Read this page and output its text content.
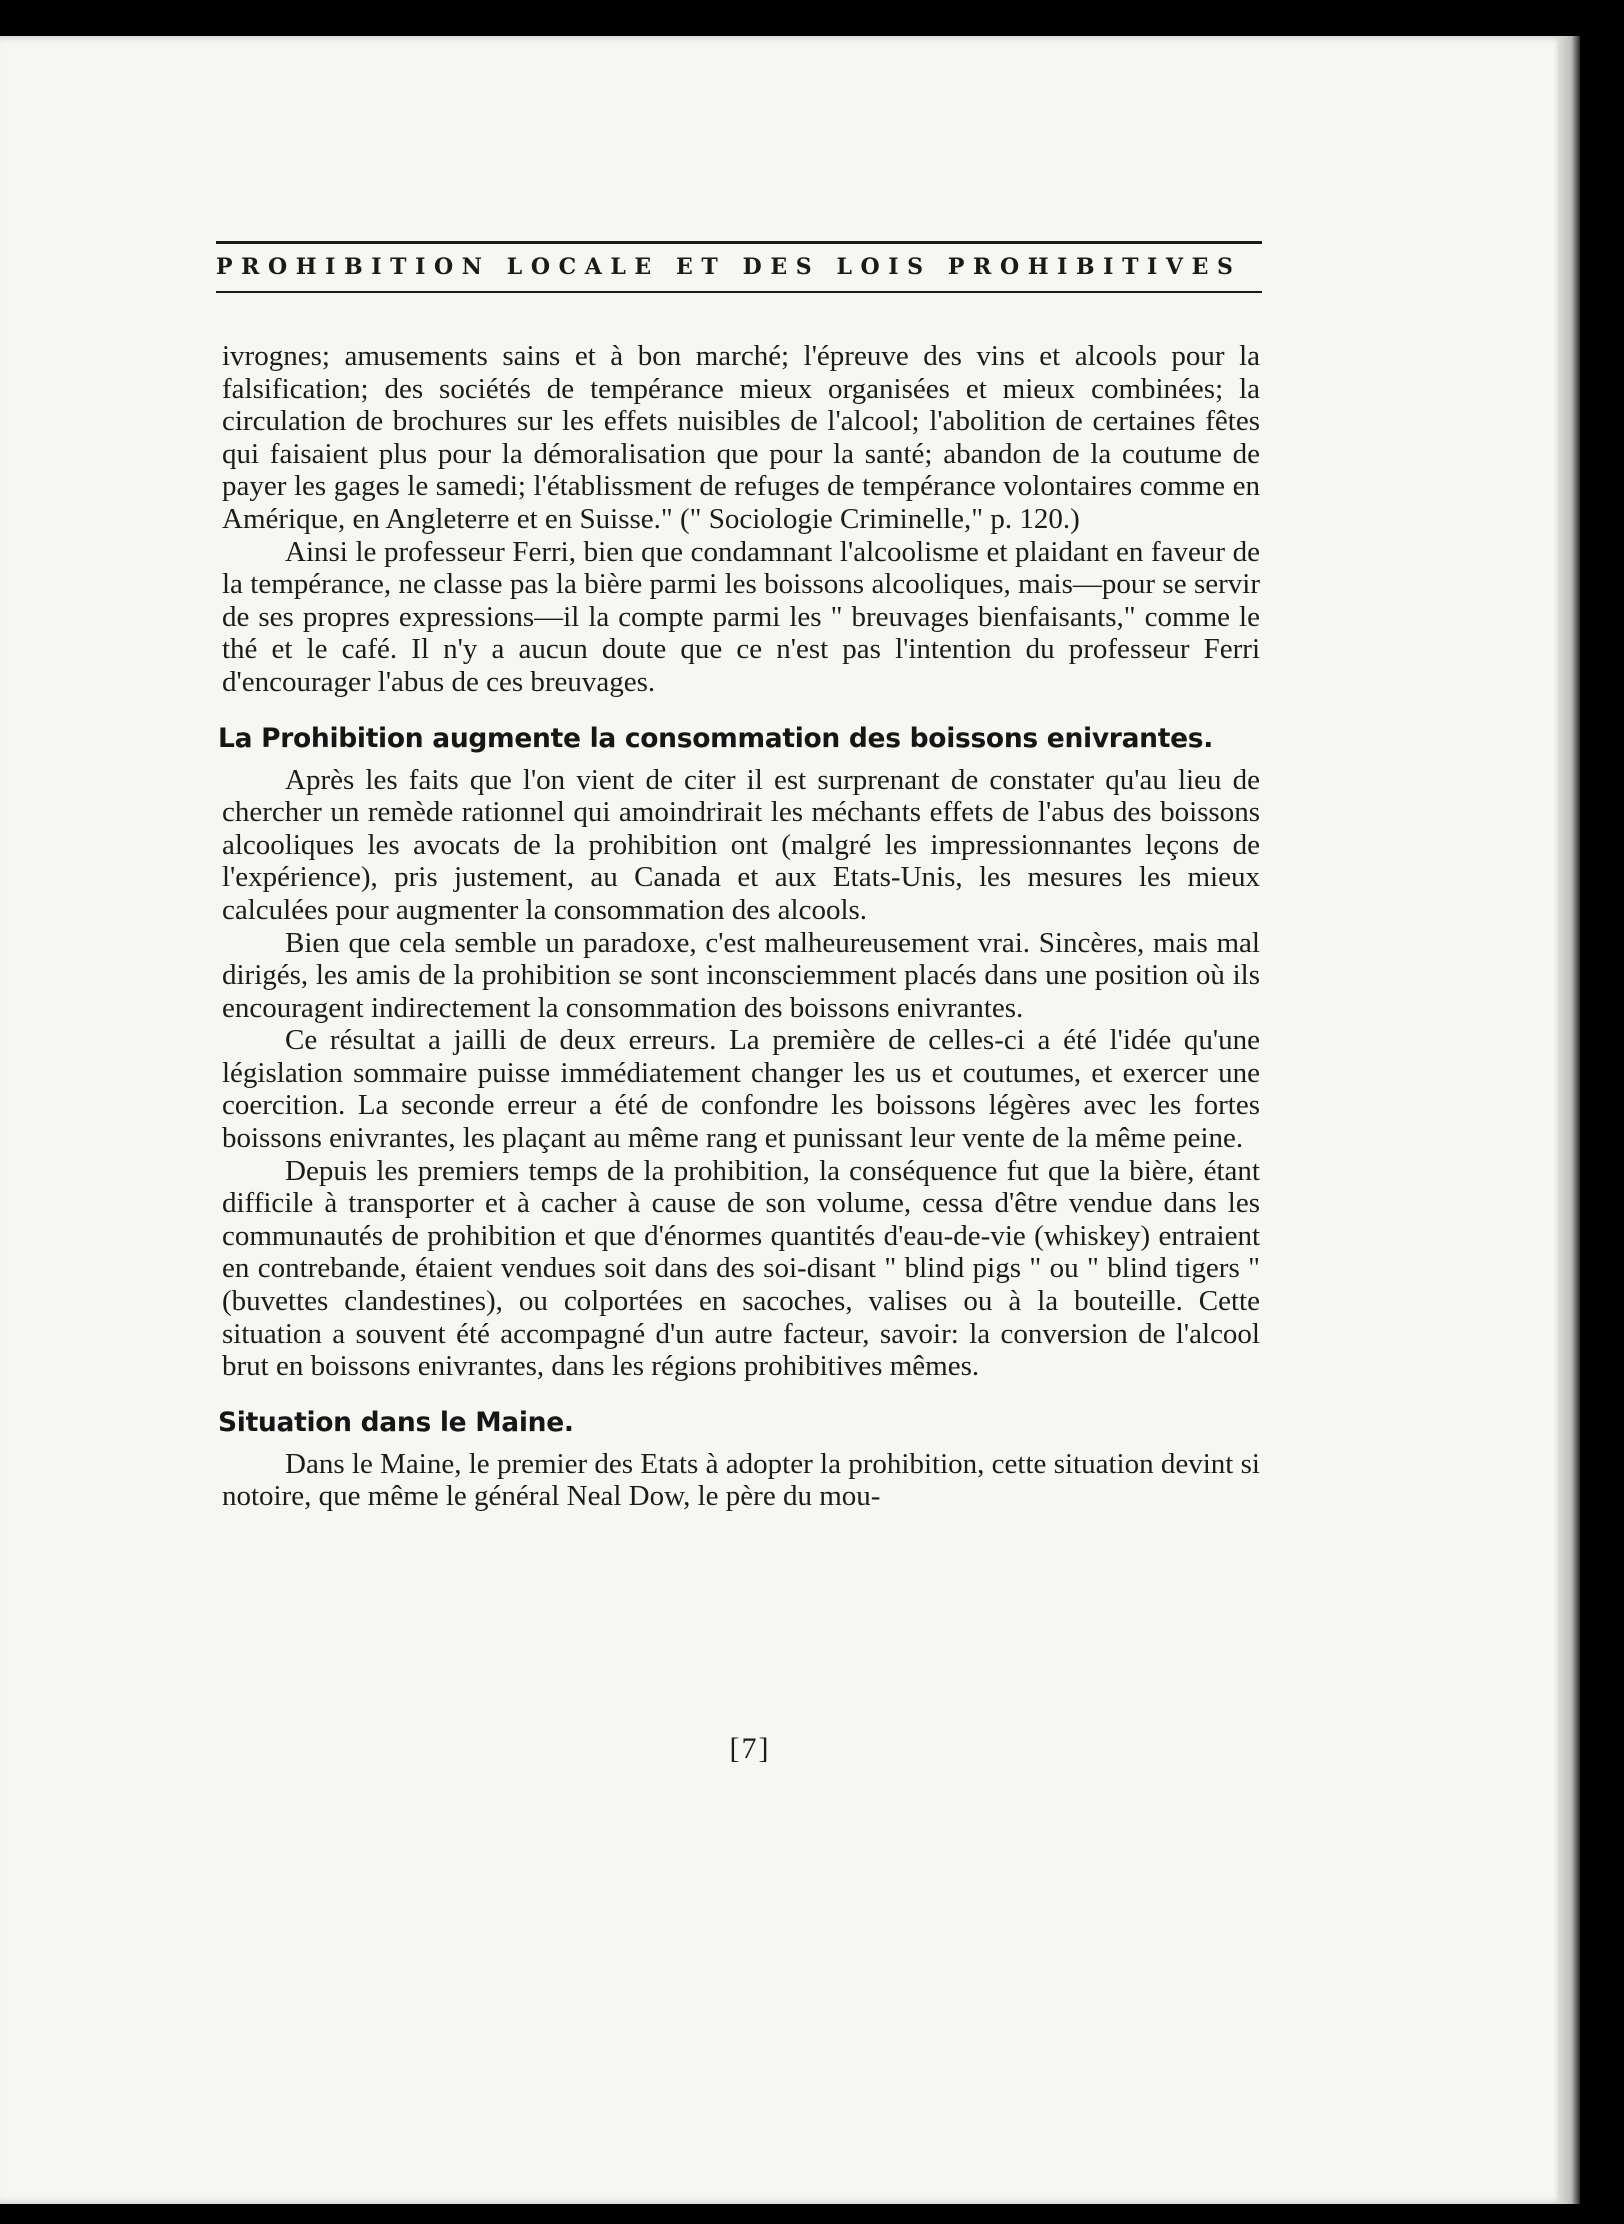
PROHIBITION LOCALE ET DES LOIS PROHIBITIVES

ivrognes; amusements sains et à bon marché; l'épreuve des vins et alcools pour la falsification; des sociétés de tempérance mieux organisées et mieux combinées; la circulation de brochures sur les effets nuisibles de l'alcool; l'abolition de certaines fêtes qui faisaient plus pour la démoralisation que pour la santé; abandon de la coutume de payer les gages le samedi; l'établissment de refuges de tempérance volontaires comme en Amérique, en Angleterre et en Suisse." (" Sociologie Criminelle," p. 120.)

Ainsi le professeur Ferri, bien que condamnant l'alcoolisme et plaidant en faveur de la tempérance, ne classe pas la bière parmi les boissons alcooliques, mais—pour se servir de ses propres expressions—il la compte parmi les " breuvages bienfaisants," comme le thé et le café. Il n'y a aucun doute que ce n'est pas l'intention du professeur Ferri d'encourager l'abus de ces breuvages.

La Prohibition augmente la consommation des boissons enivrantes.

Après les faits que l'on vient de citer il est surprenant de constater qu'au lieu de chercher un remède rationnel qui amoindrirait les méchants effets de l'abus des boissons alcooliques les avocats de la prohibition ont (malgré les impressionnantes leçons de l'expérience), pris justement, au Canada et aux Etats-Unis, les mesures les mieux calculées pour augmenter la consommation des alcools.

Bien que cela semble un paradoxe, c'est malheureusement vrai. Sincères, mais mal dirigés, les amis de la prohibition se sont inconsciemment placés dans une position où ils encouragent indirectement la consommation des boissons enivrantes.

Ce résultat a jailli de deux erreurs. La première de celles-ci a été l'idée qu'une législation sommaire puisse immédiatement changer les us et coutumes, et exercer une coercition. La seconde erreur a été de confondre les boissons légères avec les fortes boissons enivrantes, les plaçant au même rang et punissant leur vente de la même peine.

Depuis les premiers temps de la prohibition, la conséquence fut que la bière, étant difficile à transporter et à cacher à cause de son volume, cessa d'être vendue dans les communautés de prohibition et que d'énormes quantités d'eau-de-vie (whiskey) entraient en contrebande, étaient vendues soit dans des soi-disant " blind pigs " ou " blind tigers " (buvettes clandestines), ou colportées en sacoches, valises ou à la bouteille. Cette situation a souvent été accompagné d'un autre facteur, savoir: la conversion de l'alcool brut en boissons enivrantes, dans les régions prohibitives mêmes.

Situation dans le Maine.

Dans le Maine, le premier des Etats à adopter la prohibition, cette situation devint si notoire, que même le général Neal Dow, le père du mou-

[7]
